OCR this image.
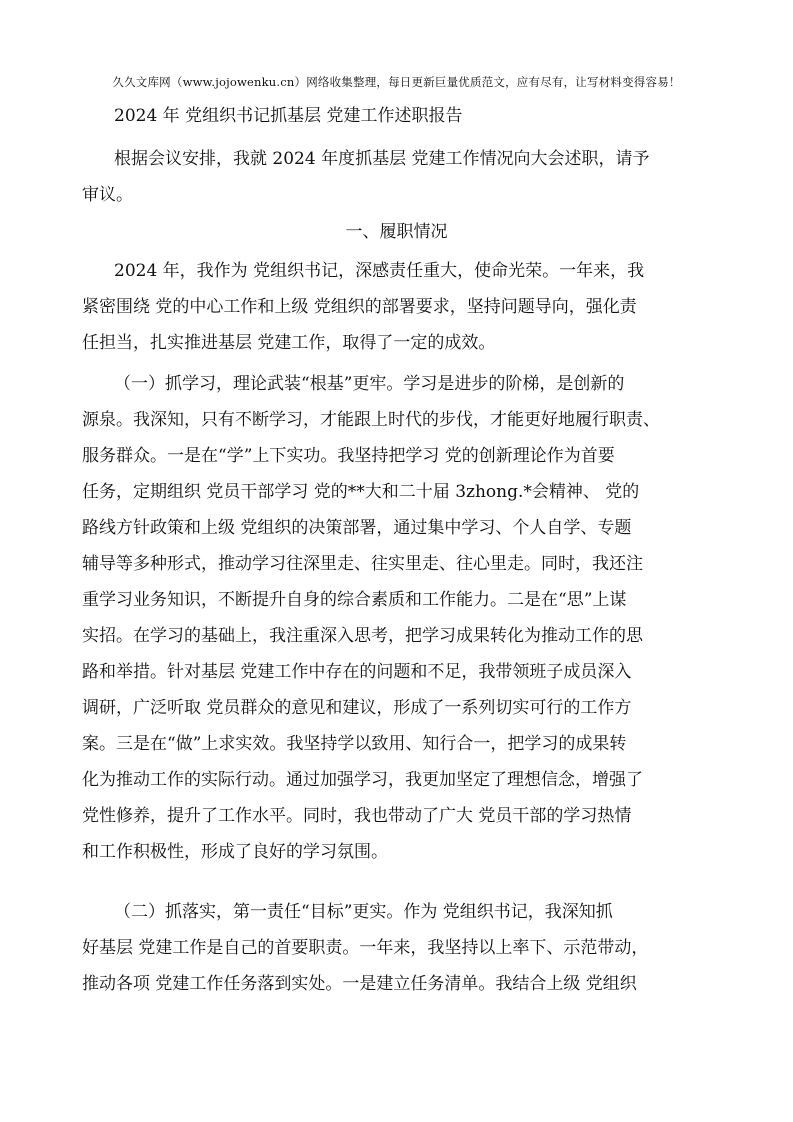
久久文库网（www.jojowenku.cn）网络收集整理，每日更新巨量优质范文，应有尽有，让写材料变得容易！
2024 年 党组织书记抓基层 党建工作述职报告
根据会议安排，我就 2024 年度抓基层 党建工作情况向大会述职，请予
审议。
一、履职情况
2024 年，我作为 党组织书记，深感责任重大，使命光荣。一年来，我
紧密围绕 党的中心工作和上级 党组织的部署要求，坚持问题导向，强化责
任担当，扎实推进基层 党建工作，取得了一定的成效。
（一）抓学习，理论武装“根基”更牢。学习是进步的阶梯，是创新的
源泉。我深知，只有不断学习，才能跟上时代的步伐，才能更好地履行职责、
服务群众。一是在“学”上下实功。我坚持把学习 党的创新理论作为首要
任务，定期组织 党员干部学习 党的**大和二十届 3zhong.*会精神、 党的
路线方针政策和上级 党组织的决策部署，通过集中学习、个人自学、专题
辅导等多种形式，推动学习往深里走、往实里走、往心里走。同时，我还注
重学习业务知识，不断提升自身的综合素质和工作能力。二是在“思”上谋
实招。在学习的基础上，我注重深入思考，把学习成果转化为推动工作的思
路和举措。针对基层 党建工作中存在的问题和不足，我带领班子成员深入
调研，广泛听取 党员群众的意见和建议，形成了一系列切实可行的工作方
案。三是在“做”上求实效。我坚持学以致用、知行合一，把学习的成果转
化为推动工作的实际行动。通过加强学习，我更加坚定了理想信念，增强了
党性修养，提升了工作水平。同时，我也带动了广大 党员干部的学习热情
和工作积极性，形成了良好的学习氛围。
（二）抓落实，第一责任“目标”更实。作为 党组织书记，我深知抓
好基层 党建工作是自己的首要职责。一年来，我坚持以上率下、示范带动，
推动各项 党建工作任务落到实处。一是建立任务清单。我结合上级 党组织
